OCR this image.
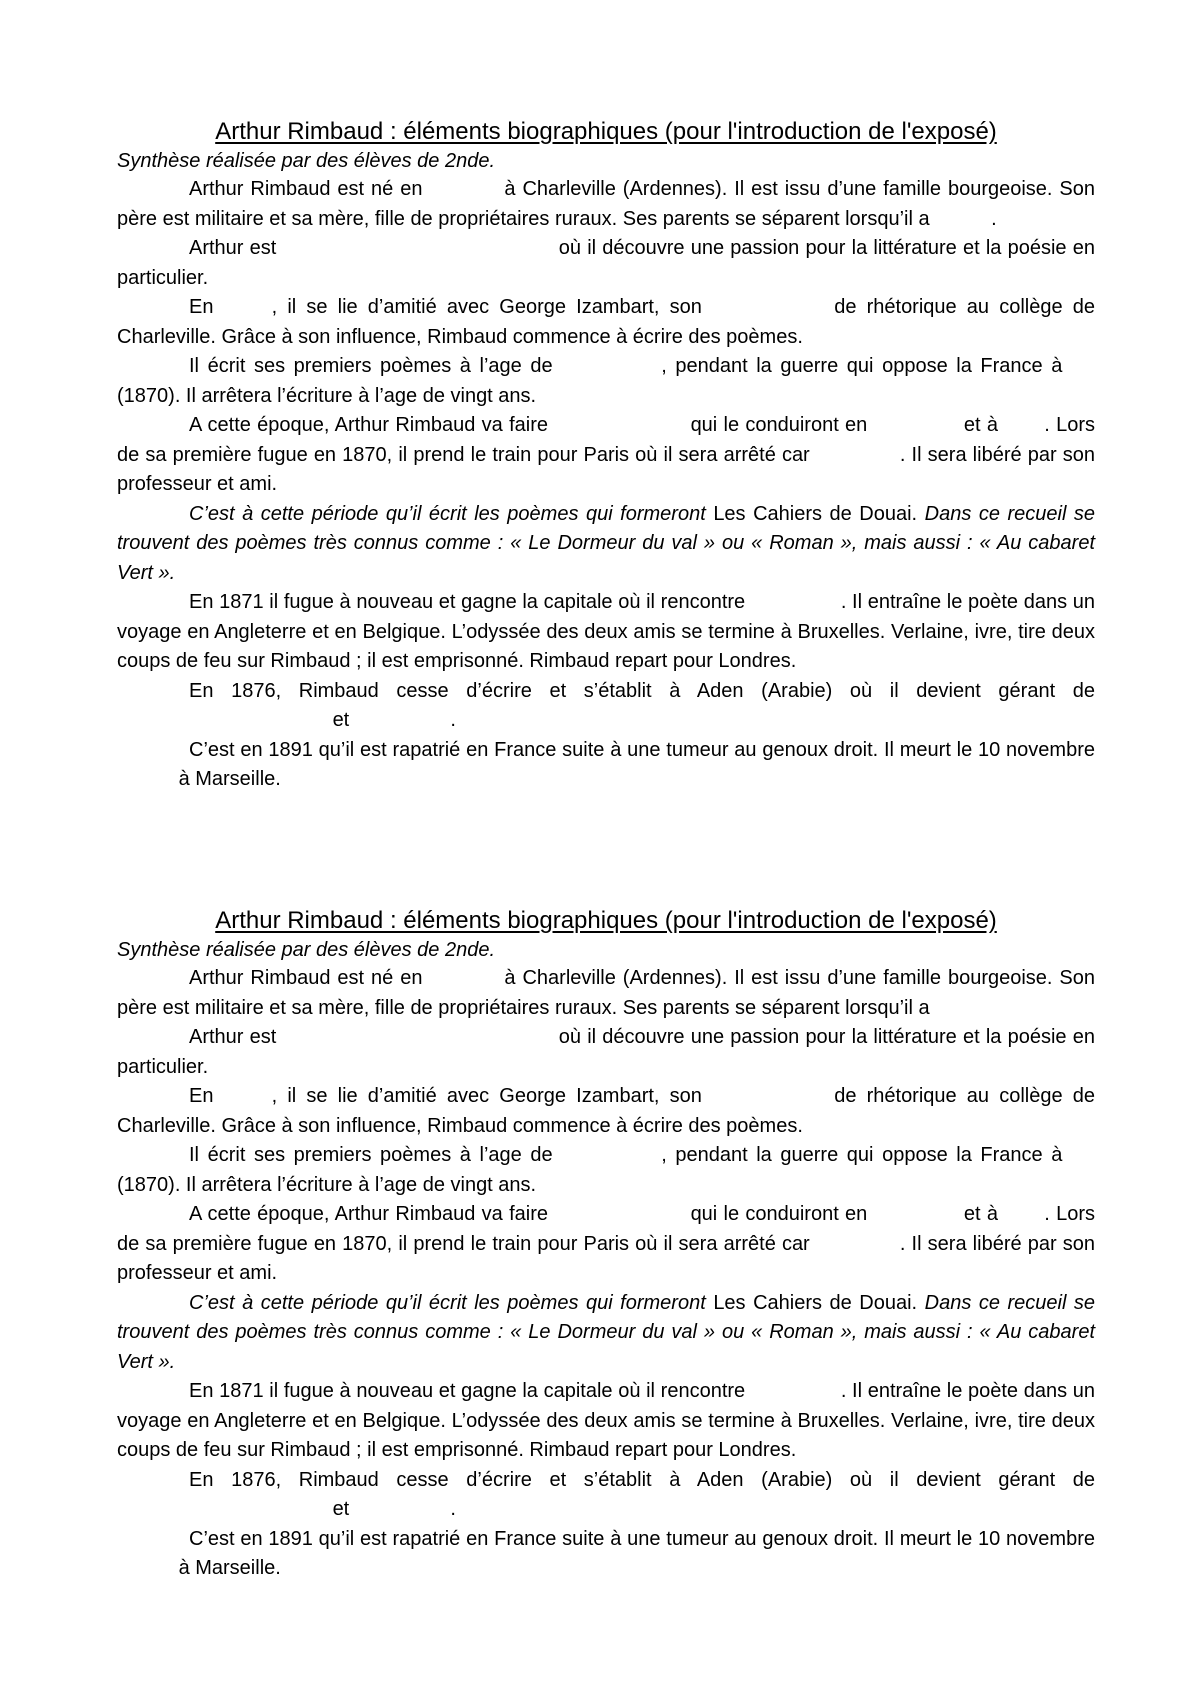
Arthur Rimbaud : éléments biographiques (pour l'introduction de l'exposé)

Synthèse réalisée par des élèves de 2nde.

Arthur Rimbaud est né en	à Charleville (Ardennes). Il est issu d’une famille bourgeoise. Son père est militaire et sa mère, fille de propriétaires ruraux. Ses parents se séparent lorsqu’il a	.

Arthur est	où il découvre une passion pour la littérature et la poésie en particulier.

En	, il se lie d’amitié avec George Izambart, son	de rhétorique au collège de Charleville. Grâce à son influence, Rimbaud commence à écrire des poèmes.

Il écrit ses premiers poèmes à l’age de	, pendant la guerre qui oppose la France à  (1870). Il arrêtera l’écriture à l’age de vingt ans.

A cette époque, Arthur Rimbaud va faire	qui le conduiront en	et à . Lors de sa première fugue en 1870, il prend le train pour Paris où il sera arrêté car	. Il sera libéré par son professeur et ami.

C’est à cette période qu’il écrit les poèmes qui formeront Les Cahiers de Douai. Dans ce recueil se trouvent des poèmes très connus comme : « Le Dormeur du val » ou « Roman », mais aussi : « Au cabaret Vert ».

En 1871 il fugue à nouveau et gagne la capitale où il rencontre	. Il entraîne le poète dans un voyage en Angleterre et en Belgique. L’odyssée des deux amis se termine à Bruxelles. Verlaine, ivre, tire deux coups de feu sur Rimbaud ; il est emprisonné. Rimbaud repart pour Londres.

En 1876, Rimbaud cesse d’écrire et s’établit à Aden (Arabie) où il devient gérant de  et	.

C’est en 1891 qu’il est rapatrié en France suite à une tumeur au genoux droit. Il meurt le 10 novembre  à Marseille.

Arthur Rimbaud : éléments biographiques (pour l'introduction de l'exposé)

Synthèse réalisée par des élèves de 2nde.

Arthur Rimbaud est né en	à Charleville (Ardennes). Il est issu d’une famille bourgeoise. Son père est militaire et sa mère, fille de propriétaires ruraux. Ses parents se séparent lorsqu’il a

Arthur est	où il découvre une passion pour la littérature et la poésie en particulier.

En	, il se lie d’amitié avec George Izambart, son	de rhétorique au collège de Charleville. Grâce à son influence, Rimbaud commence à écrire des poèmes.

Il écrit ses premiers poèmes à l’age de	, pendant la guerre qui oppose la France à  (1870). Il arrêtera l’écriture à l’age de vingt ans.

A cette époque, Arthur Rimbaud va faire	qui le conduiront en	et à . Lors de sa première fugue en 1870, il prend le train pour Paris où il sera arrêté car	. Il sera libéré par son professeur et ami.

C’est à cette période qu’il écrit les poèmes qui formeront Les Cahiers de Douai. Dans ce recueil se trouvent des poèmes très connus comme : « Le Dormeur du val » ou « Roman », mais aussi : « Au cabaret Vert ».

En 1871 il fugue à nouveau et gagne la capitale où il rencontre	. Il entraîne le poète dans un voyage en Angleterre et en Belgique. L’odyssée des deux amis se termine à Bruxelles. Verlaine, ivre, tire deux coups de feu sur Rimbaud ; il est emprisonné. Rimbaud repart pour Londres.

En 1876, Rimbaud cesse d’écrire et s’établit à Aden (Arabie) où il devient gérant de  et	.

C’est en 1891 qu’il est rapatrié en France suite à une tumeur au genoux droit. Il meurt le 10 novembre  à Marseille.
